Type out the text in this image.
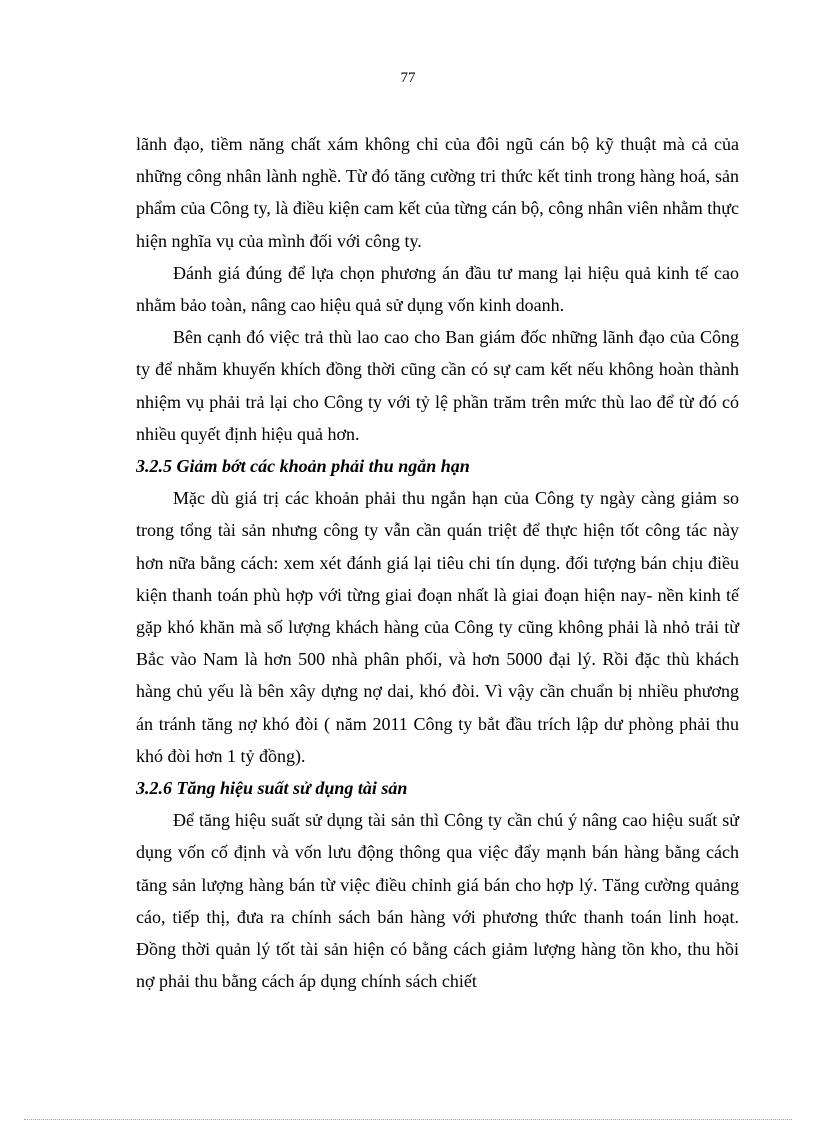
77

lãnh đạo, tiềm năng chất xám không chỉ của đôi ngũ cán bộ kỹ thuật mà cả của những công nhân lành nghề. Từ đó tăng cường tri thức kết tinh trong hàng hoá, sản phẩm của Công ty, là điều kiện cam kết của từng cán bộ, công nhân viên nhằm thực hiện nghĩa vụ của mình đối với công ty.

Đánh giá đúng để lựa chọn phương án đầu tư mang lại hiệu quả kinh tế cao nhằm bảo toàn, nâng cao hiệu quả sử dụng vốn kinh doanh.

Bên cạnh đó việc trả thù lao cao cho Ban giám đốc những lãnh đạo của Công ty để nhằm khuyến khích đồng thời cũng cần có sự cam kết nếu không hoàn thành nhiệm vụ phải trả lại cho Công ty với tỷ lệ phần trăm trên mức thù lao để từ đó có nhiều quyết định hiệu quả hơn.

3.2.5 Giảm bớt các khoản phải thu ngắn hạn

Mặc dù giá trị các khoản phải thu ngắn hạn của Công ty ngày càng giảm so trong tổng tài sản nhưng công ty vẫn cần quán triệt để thực hiện tốt công tác này hơn nữa bằng cách: xem xét đánh giá lại tiêu chi tín dụng. đối tượng bán chịu điều kiện thanh toán phù hợp với từng giai đoạn nhất là giai đoạn hiện nay- nền kinh tế gặp khó khăn mà số lượng khách hàng của Công ty cũng không phải là nhỏ trải từ Bắc vào Nam là hơn 500 nhà phân phối, và hơn 5000 đại lý. Rồi đặc thù khách hàng chủ yếu là bên xây dựng nợ dai, khó đòi. Vì vậy cần chuẩn bị nhiều phương án tránh tăng nợ khó đòi ( năm 2011 Công ty bắt đầu trích lập dư phòng phải thu khó đòi hơn 1 tỷ đồng).

3.2.6 Tăng hiệu suất sử dụng tài sản

Để tăng hiệu suất sử dụng tài sản thì Công ty cần chú ý nâng cao hiệu suất sử dụng vốn cố định và vốn lưu động thông qua việc đẩy mạnh bán hàng bằng cách tăng sản lượng hàng bán từ việc điều chỉnh giá bán cho hợp lý. Tăng cường quảng cáo, tiếp thị, đưa ra chính sách bán hàng với phương thức thanh toán linh hoạt. Đồng thời quản lý tốt tài sản hiện có bằng cách giảm lượng hàng tồn kho, thu hồi nợ phải thu bằng cách áp dụng chính sách chiết
